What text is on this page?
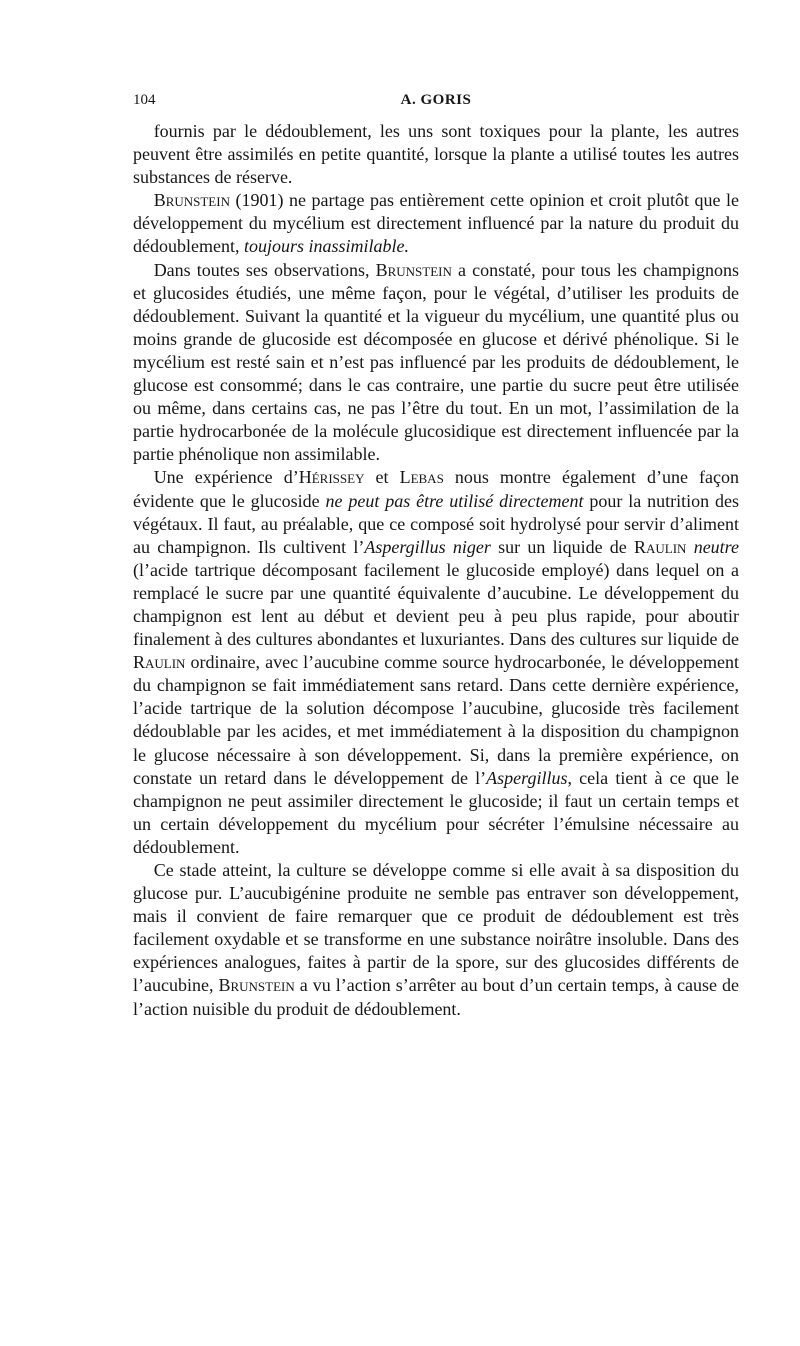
104	A. GORIS

fournis par le dédoublement, les uns sont toxiques pour la plante, les autres peuvent être assimilés en petite quantité, lorsque la plante a utilisé toutes les autres substances de réserve.

Brunstein (1901) ne partage pas entièrement cette opinion et croit plutôt que le développement du mycélium est directement influencé par la nature du produit du dédoublement, toujours inassimilable.

Dans toutes ses observations, Brunstein a constaté, pour tous les champignons et glucosides étudiés, une même façon, pour le végétal, d’utiliser les produits de dédoublement. Suivant la quantité et la vigueur du mycélium, une quantité plus ou moins grande de glucoside est décomposée en glucose et dérivé phénolique. Si le mycélium est resté sain et n’est pas influencé par les produits de dédoublement, le glucose est consommé; dans le cas contraire, une partie du sucre peut être utilisée ou même, dans certains cas, ne pas l’être du tout. En un mot, l’assimilation de la partie hydrocarbonée de la molécule glucosidique est directement influencée par la partie phénolique non assimilable.

Une expérience d’Hérissey et Lebas nous montre également d’une façon évidente que le glucoside ne peut pas être utilisé directement pour la nutrition des végétaux. Il faut, au préalable, que ce composé soit hydrolysé pour servir d’aliment au champignon. Ils cultivent l’Aspergillus niger sur un liquide de Raulin neutre (l’acide tartrique décomposant facilement le glucoside employé) dans lequel on a remplacé le sucre par une quantité équivalente d’aucubine. Le développement du champignon est lent au début et devient peu à peu plus rapide, pour aboutir finalement à des cultures abondantes et luxuriantes. Dans des cultures sur liquide de Raulin ordinaire, avec l’aucubine comme source hydrocarbonée, le développement du champignon se fait immédiatement sans retard. Dans cette dernière expérience, l’acide tartrique de la solution décompose l’aucubine, glucoside très facilement dédoublable par les acides, et met immédiatement à la disposition du champignon le glucose nécessaire à son développement. Si, dans la première expérience, on constate un retard dans le développement de l’Aspergillus, cela tient à ce que le champignon ne peut assimiler directement le glucoside; il faut un certain temps et un certain développement du mycélium pour sécréter l’émulsine nécessaire au dédoublement.

Ce stade atteint, la culture se développe comme si elle avait à sa disposition du glucose pur. L’aucubigénine produite ne semble pas entraver son développement, mais il convient de faire remarquer que ce produit de dédoublement est très facilement oxydable et se transforme en une substance noirâtre insoluble. Dans des expériences analogues, faites à partir de la spore, sur des glucosides différents de l’aucubine, Brunstein a vu l’action s’arrêter au bout d’un certain temps, à cause de l’action nuisible du produit de dédoublement.
